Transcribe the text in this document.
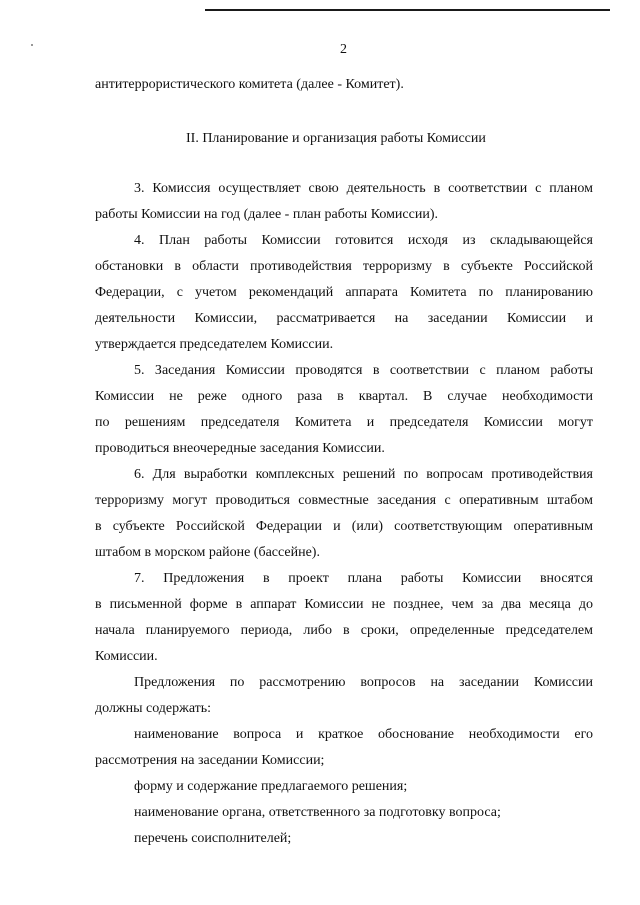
2
антитеррористического комитета (далее - Комитет).
II. Планирование и организация работы Комиссии
3. Комиссия осуществляет свою деятельность в соответствии с планом
работы Комиссии на год (далее - план работы Комиссии).
4. План работы Комиссии готовится исходя из складывающейся
обстановки в области противодействия терроризму в субъекте Российской
Федерации, с учетом рекомендаций аппарата Комитета по планированию
деятельности Комиссии, рассматривается на заседании Комиссии и
утверждается председателем Комиссии.
5. Заседания Комиссии проводятся в соответствии с планом работы
Комиссии не реже одного раза в квартал. В случае необходимости
по решениям председателя Комитета и председателя Комиссии могут
проводиться внеочередные заседания Комиссии.
6. Для выработки комплексных решений по вопросам противодействия
терроризму могут проводиться совместные заседания с оперативным штабом
в субъекте Российской Федерации и (или) соответствующим оперативным
штабом в морском районе (бассейне).
7. Предложения в проект плана работы Комиссии вносятся
в письменной форме в аппарат Комиссии не позднее, чем за два месяца до
начала планируемого периода, либо в сроки, определенные председателем
Комиссии.
Предложения по рассмотрению вопросов на заседании Комиссии
должны содержать:
наименование вопроса и краткое обоснование необходимости его
рассмотрения на заседании Комиссии;
форму и содержание предлагаемого решения;
наименование органа, ответственного за подготовку вопроса;
перечень соисполнителей;
